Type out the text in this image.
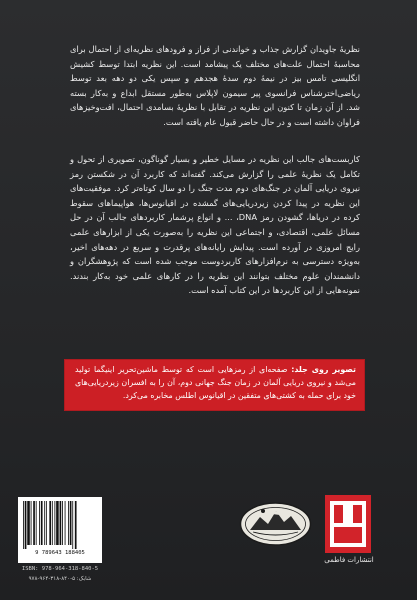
نظریهٔ جاویدان گزارش جذاب و خواندنی از فراز و فرودهای نظریه‌ای از احتمال برای محاسبهٔ احتمال علت‌های مختلف یک پیشامد است. این نظریه ابتدا توسط کشیش انگلیسی تامس بیز در نیمهٔ دوم سدهٔ هجدهم و سپس یکی دو دهه بعد توسط ریاضی‌اخترشناس فرانسوی پیر سیمون لاپلاس به‌طور مستقل ابداع و به‌کار بسته شد. از آن زمان تا کنون این نظریه در تقابل با نظریهٔ بسامدی احتمال، افت‌وخیزهای فراوان داشته است و در حال حاضر قبول عام یافته است.

کاربست‌های جالب این نظریه در مسایل خطیر و بسیار گوناگون، تصویری از تحول و تکامل یک نظریهٔ علمی را گزارش می‌کند. گفته‌اند که کاربرد آن در شکستن رمز نیروی دریایی آلمان در جنگ‌های دوم مدت جنگ را دو سال کوتاه‌تر کرد. موفقیت‌های این نظریه در پیدا کردن زیردریایی‌های گمشده در اقیانوس‌ها، هواپیماهای سقوط کرده در دریاها، گشودن رمز DNA، ... و انواع پرشمار کاربردهای جالب آن در حل مسائل علمی، اقتصادی، و اجتماعی این نظریه را به‌صورت یکی از ابزارهای علمی رایج امروزی در آورده است. پیدایش رایانه‌های پرقدرت و سریع در دهه‌های اخیر، به‌ویژه دسترسی به نرم‌افزارهای کاربردوست موجب شده است که پژوهشگران و دانشمندان علوم مختلف بتوانند این نظریه را در کارهای علمی خود به‌کار بندند. نمونه‌هایی از این کاربردها در این کتاب آمده است.

تصویر روی جلد: صفحه‌ای از رمزهایی است که توسط ماشین‌تحریر اینیگما تولید می‌شد و نیروی دریایی آلمان در زمان جنگ جهانی دوم، آن را به افسران زیردریایی‌های خود برای حمله به کشتی‌های متفقین در اقیانوس اطلس مخابره می‌کرد.
9 789643 188405
ISBN: 978-964-318-840-5
شابک: ۵-۸۴۰-۳۱۸-۹۶۴-۹۷۸
انتشارات فاطمی
